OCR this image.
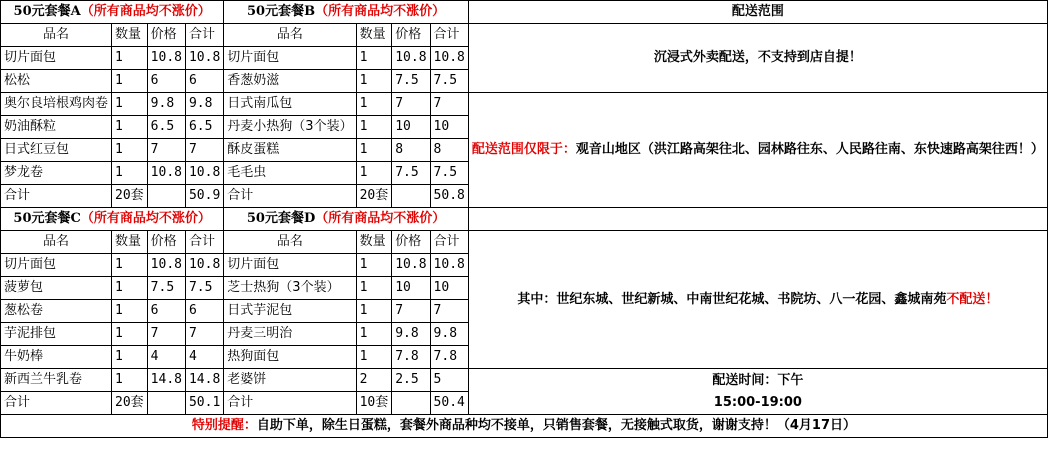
50元套餐A（所有商品均不涨价）				50元套餐B（所有商品均不涨价）				配送范围
品名	数量	价格	合计	品名	数量	价格	合计	沉浸式外卖配送，不支持到店自提！
切片面包	1	10.8	10.8	切片面包	1	10.8	10.8	
松松	1	6	6	香葱奶滋	1	7.5	7.5	
奥尔良培根鸡肉卷	1	9.8	9.8	日式南瓜包	1	7	7	配送范围仅限于：观音山地区（洪江路高架往北、园林路往东、人民路往南、东快速路高架往西！）
奶油酥粒	1	6.5	6.5	丹麦小热狗（3个装）	1	10	10	
日式红豆包	1	7	7	酥皮蛋糕	1	8	8	
梦龙卷	1	10.8	10.8	毛毛虫	1	7.5	7.5	
合计	20套		50.9	合计	20套		50.8	
50元套餐C（所有商品均不涨价）				50元套餐D（所有商品均不涨价）				
品名	数量	价格	合计	品名	数量	价格	合计	其中：世纪东城、世纪新城、中南世纪花城、书院坊、八一花园、鑫城南苑不配送！
切片面包	1	10.8	10.8	切片面包	1	10.8	10.8	
菠萝包	1	7.5	7.5	芝士热狗（3个装）	1	10	10	
葱松卷	1	6	6	日式芋泥包	1	7	7	
芋泥排包	1	7	7	丹麦三明治	1	9.8	9.8	
牛奶棒	1	4	4	热狗面包	1	7.8	7.8	
新西兰牛乳卷	1	14.8	14.8	老婆饼	2	2.5	5	配送时间：下午
15:00-19:00
合计	20套		50.1	合计	10套		50.4	
特别提醒：自助下单，除生日蛋糕，套餐外商品种均不接单，只销售套餐，无接触式取货，谢谢支持！（4月17日）								
